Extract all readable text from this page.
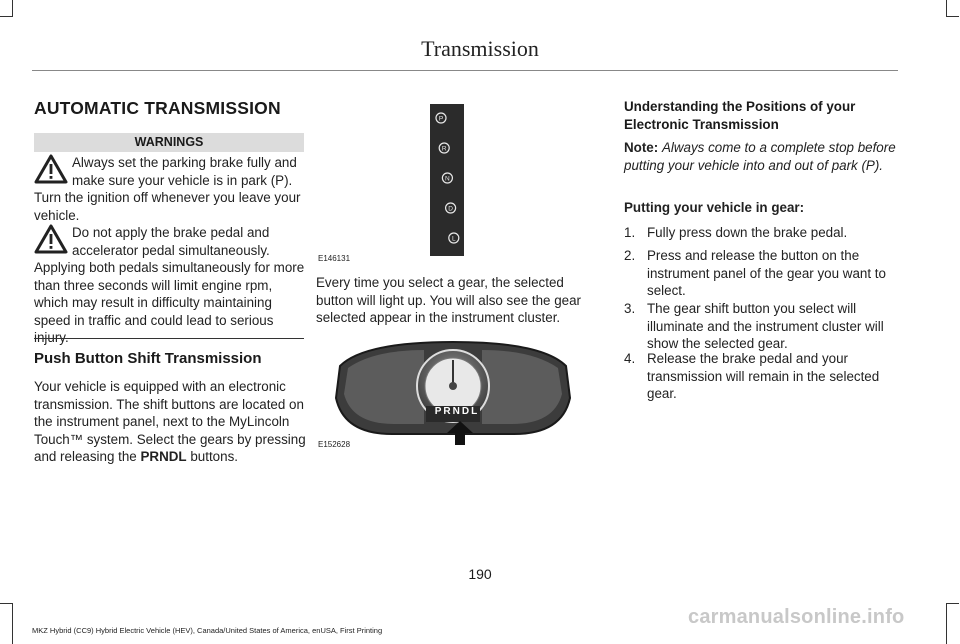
Transmission
AUTOMATIC TRANSMISSION
WARNINGS
Always set the parking brake fully and make sure your vehicle is in park (P).
Turn the ignition off whenever you leave your vehicle.
Do not apply the brake pedal and accelerator pedal simultaneously.
Applying both pedals simultaneously for more than three seconds will limit engine rpm, which may result in difficulty maintaining speed in traffic and could lead to serious injury.
Push Button Shift Transmission
Your vehicle is equipped with an electronic transmission. The shift buttons are located on the instrument panel, next to the MyLincoln Touch™ system. Select the gears by pressing and releasing the PRNDL buttons.
P
R
N
D
L
E146131
Every time you select a gear, the selected button will light up. You will also see the gear selected appear in the instrument cluster.
PRNDL
E152628
Understanding the Positions of your Electronic Transmission
Note: Always come to a complete stop before putting your vehicle into and out of park (P).
Putting your vehicle in gear:
1. Fully press down the brake pedal.
2. Press and release the button on the instrument panel of the gear you want to select.
3. The gear shift button you select will illuminate and the instrument cluster will show the selected gear.
4. Release the brake pedal and your transmission will remain in the selected gear.
190
MKZ Hybrid (CC9) Hybrid Electric Vehicle (HEV), Canada/United States of America, enUSA, First Printing
carmanualsonline.info
